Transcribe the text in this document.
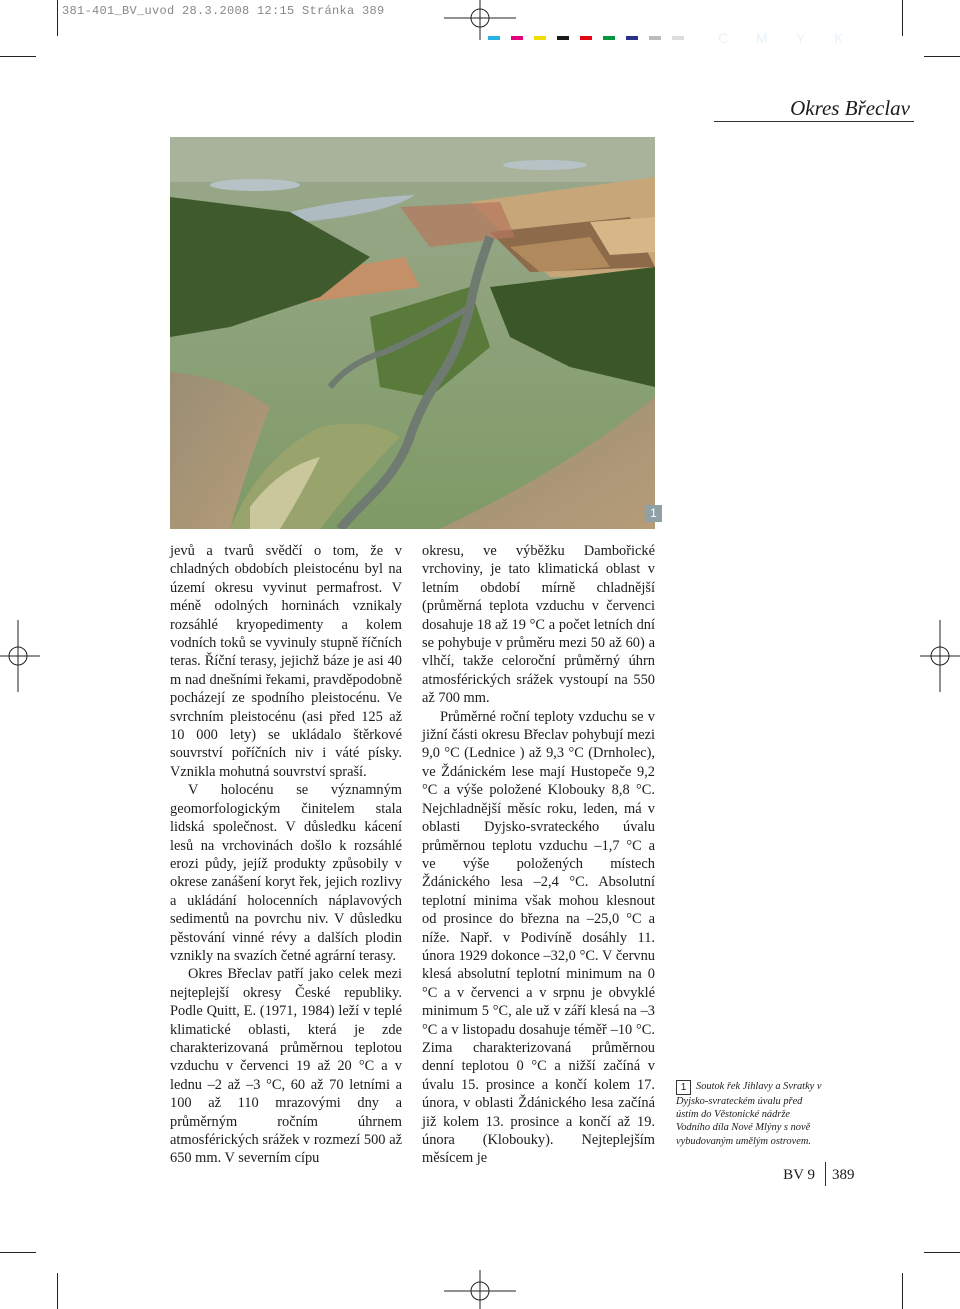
381-401_BV_uvod 28.3.2008 12:15 Stránka 389
C M Y K
Okres Břeclav
1

jevů a tvarů svědčí o tom, že v chladných obdobích pleistocénu byl na území okresu vyvinut permafrost. V méně odolných horninách vznikaly rozsáhlé kryopedimenty a kolem vodních toků se vyvinuly stupně říčních teras. Říční terasy, jejichž báze je asi 40 m nad dnešními řekami, pravděpodobně pocházejí ze spodního pleistocénu. Ve svrchním pleistocénu (asi před 125 až 10 000 lety) se ukládalo štěrkové souvrství poříčních niv i váté písky. Vznikla mohutná souvrství spraší.

V holocénu se významným geomorfologickým činitelem stala lidská společnost. V důsledku kácení lesů na vrchovinách došlo k rozsáhlé erozi půdy, jejíž produkty způsobily v okrese zanášení koryt řek, jejich rozlivy a ukládání holocenních náplavových sedimentů na povrchu niv. V důsledku pěstování vinné révy a dalších plodin vznikly na svazích četné agrární terasy.

Okres Břeclav patří jako celek mezi nejteplejší okresy České republiky. Podle Quitt, E. (1971, 1984) leží v teplé klimatické oblasti, která je zde charakterizovaná průměrnou teplotou vzduchu v červenci 19 až 20 °C a v lednu –2 až –3 °C, 60 až 70 letními a 100 až 110 mrazovými dny a průměrným ročním úhrnem atmosférických srážek v rozmezí 500 až 650 mm. V severním cípu

okresu, ve výběžku Dambořické vrchoviny, je tato klimatická oblast v letním období mírně chladnější (průměrná teplota vzduchu v červenci dosahuje 18 až 19 °C a počet letních dní se pohybuje v průměru mezi 50 až 60) a vlhčí, takže celoroční průměrný úhrn atmosférických srážek vystoupí na 550 až 700 mm.

Průměrné roční teploty vzduchu se v jižní části okresu Břeclav pohybují mezi 9,0 °C (Lednice ) až 9,3 °C (Drnholec), ve Ždánickém lese mají Hustopeče 9,2 °C a výše položené Klobouky 8,8 °C. Nejchladnější měsíc roku, leden, má v oblasti Dyjsko-svrateckého úvalu průměrnou teplotu vzduchu –1,7 °C a ve výše položených místech Ždánického lesa –2,4 °C. Absolutní teplotní minima však mohou klesnout od prosince do března na –25,0 °C a níže. Např. v Podivíně dosáhly 11. února 1929 dokonce –32,0 °C. V červnu klesá absolutní teplotní minimum na 0 °C a v červenci a v srpnu je obvyklé minimum 5 °C, ale už v září klesá na –3 °C a v listopadu dosahuje téměř –10 °C. Zima charakterizovaná průměrnou denní teplotou 0 °C a nižší začíná v úvalu 15. prosince a končí kolem 17. února, v oblasti Ždánického lesa začíná již kolem 13. prosince a končí až 19. února (Klobouky). Nejteplejším měsícem je

1 Soutok řek Jihlavy a Svratky v Dyjsko-svrateckém úvalu před ústím do Věstonické nádrže Vodního díla Nové Mlýny s nově vybudovaným umělým ostrovem.
BV 9 389
